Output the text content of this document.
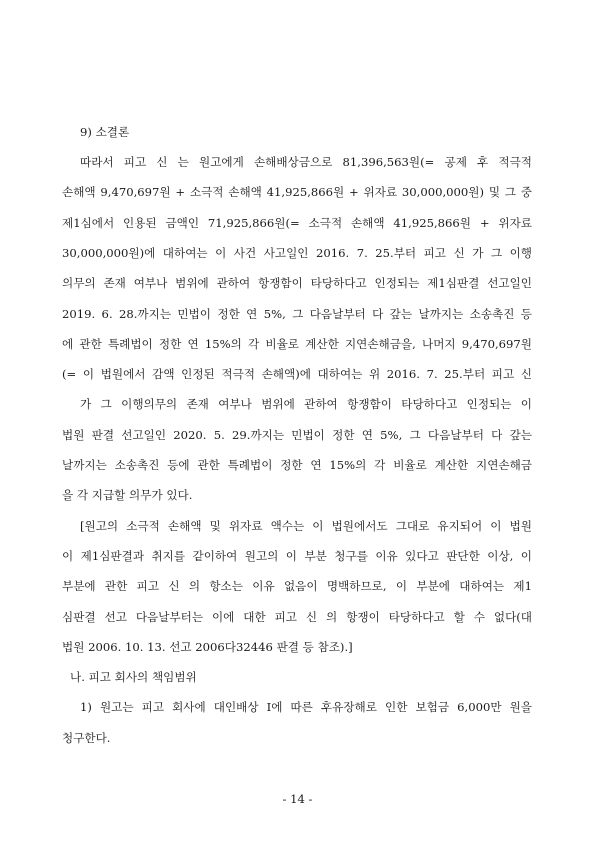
9) 소결론
따라서 피고 신 는 원고에게 손해배상금으로 81,396,563원(= 공제 후 적극적
손해액 9,470,697원 + 소극적 손해액 41,925,866원 + 위자료 30,000,000원) 및 그 중
제1심에서 인용된 금액인 71,925,866원(= 소극적 손해액 41,925,866원 + 위자료
30,000,000원)에 대하여는 이 사건 사고일인 2016. 7. 25.부터 피고 신 가 그 이행
의무의 존재 여부나 범위에 관하여 항쟁함이 타당하다고 인정되는 제1심판결 선고일인
2019. 6. 28.까지는 민법이 정한 연 5%, 그 다음날부터 다 갚는 날까지는 소송촉진 등
에 관한 특례법이 정한 연 15%의 각 비율로 계산한 지연손해금을, 나머지 9,470,697원
(= 이 법원에서 감액 인정된 적극적 손해액)에 대하여는 위 2016. 7. 25.부터 피고 신
가 그 이행의무의 존재 여부나 범위에 관하여 항쟁함이 타당하다고 인정되는 이
법원 판결 선고일인 2020. 5. 29.까지는 민법이 정한 연 5%, 그 다음날부터 다 갚는
날까지는 소송촉진 등에 관한 특례법이 정한 연 15%의 각 비율로 계산한 지연손해금
을 각 지급할 의무가 있다.
[원고의 소극적 손해액 및 위자료 액수는 이 법원에서도 그대로 유지되어 이 법원
이 제1심판결과 취지를 같이하여 원고의 이 부분 청구를 이유 있다고 판단한 이상, 이
부분에 관한 피고 신 의 항소는 이유 없음이 명백하므로, 이 부분에 대하여는 제1
심판결 선고 다음날부터는 이에 대한 피고 신 의 항쟁이 타당하다고 할 수 없다(대
법원 2006. 10. 13. 선고 2006다32446 판결 등 참조).]
나. 피고 회사의 책임범위
1) 원고는 피고 회사에 대인배상 I에 따른 후유장해로 인한 보험금 6,000만 원을
청구한다.
- 14 -
